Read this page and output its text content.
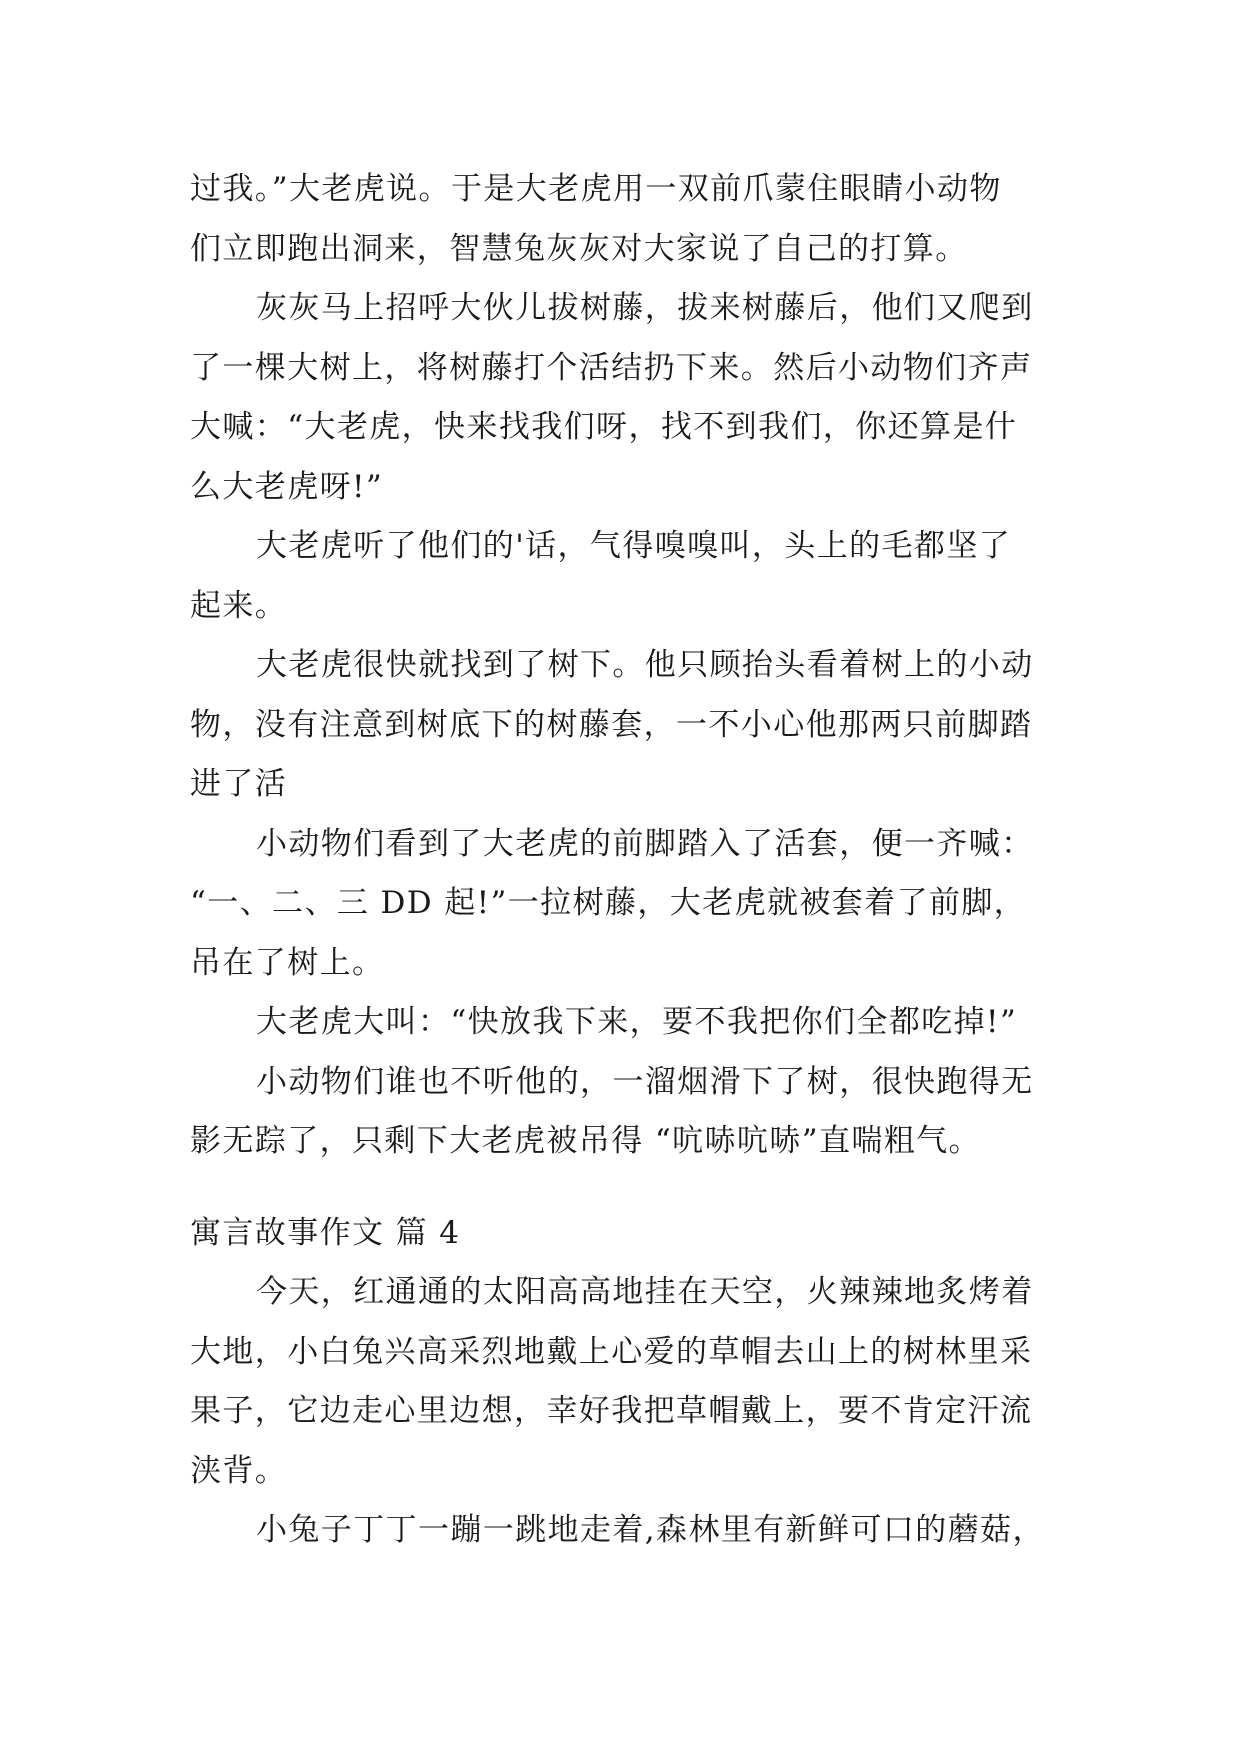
过我。”大老虎说。于是大老虎用一双前爪蒙住眼睛小动物
们立即跑出洞来，智慧兔灰灰对大家说了自己的打算。
灰灰马上招呼大伙儿拔树藤，拔来树藤后，他们又爬到
了一棵大树上，将树藤打个活结扔下来。然后小动物们齐声
大喊：“大老虎，快来找我们呀，找不到我们，你还算是什
么大老虎呀!”
大老虎听了他们的'话，气得嗅嗅叫，头上的毛都坚了
起来。
大老虎很快就找到了树下。他只顾抬头看着树上的小动
物，没有注意到树底下的树藤套，一不小心他那两只前脚踏
进了活
小动物们看到了大老虎的前脚踏入了活套，便一齐喊：
“一、二、三 DD 起!”一拉树藤，大老虎就被套着了前脚，
吊在了树上。
大老虎大叫：“快放我下来，要不我把你们全都吃掉!”
小动物们谁也不听他的，一溜烟滑下了树，很快跑得无
影无踪了，只剩下大老虎被吊得 “吭哧吭哧”直喘粗气。
寓言故事作文 篇 4
今天，红通通的太阳高高地挂在天空，火辣辣地炙烤着
大地，小白兔兴高采烈地戴上心爱的草帽去山上的树林里采
果子，它边走心里边想，幸好我把草帽戴上，要不肯定汗流
浃背。
小兔子丁丁一蹦一跳地走着,森林里有新鲜可口的蘑菇，
